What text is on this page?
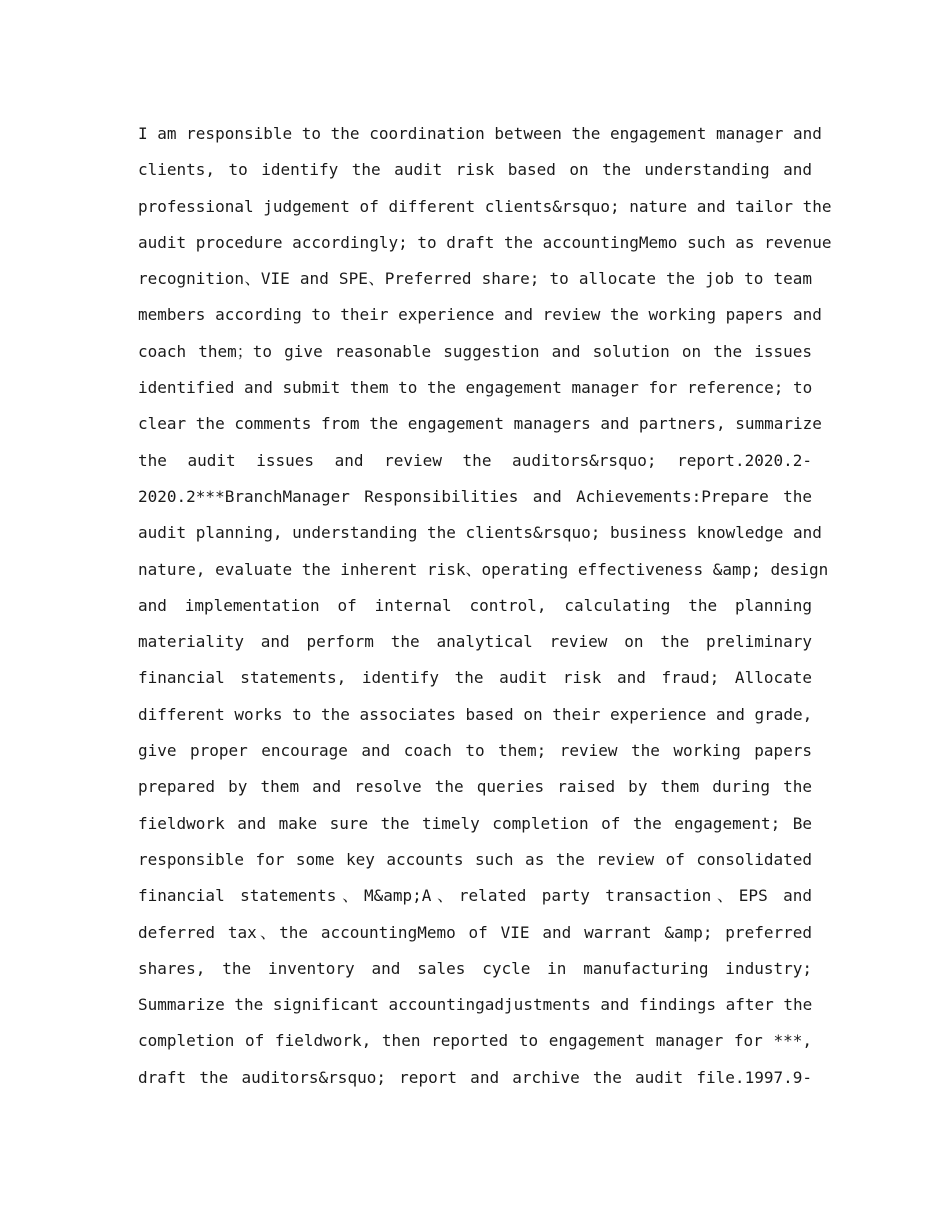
I am responsible to the coordination between the engagement manager and
clients, to identify the audit risk based on the understanding and
professional judgement of different clients&rsquo; nature and tailor the
audit procedure accordingly; to draft the accountingMemo such as revenue
recognition、VIE and SPE、Preferred share; to allocate the job to team
members according to their experience and review the working papers and
coach them；to give reasonable suggestion and solution on the issues
identified and submit them to the engagement manager for reference; to
clear the comments from the engagement managers and partners, summarize
the audit issues and review the auditors&rsquo; report.2020.2-
2020.2***BranchManager Responsibilities and Achievements:Prepare the
audit planning, understanding the clients&rsquo; business knowledge and
nature, evaluate the inherent risk、operating effectiveness &amp; design
and implementation of internal control, calculating the planning
materiality and perform the analytical review on the preliminary
financial statements, identify the audit risk and fraud; Allocate
different works to the associates based on their experience and grade,
give proper encourage and coach to them; review the working papers
prepared by them and resolve the queries raised by them during the
fieldwork and make sure the timely completion of the engagement; Be
responsible for some key accounts such as the review of consolidated
financial statements、M&amp;A、related party transaction、EPS and
deferred tax、the accountingMemo of VIE and warrant &amp; preferred
shares, the inventory and sales cycle in manufacturing industry;
Summarize the significant accountingadjustments and findings after the
completion of fieldwork, then reported to engagement manager for ***,
draft the auditors&rsquo; report and archive the audit file.1997.9-
